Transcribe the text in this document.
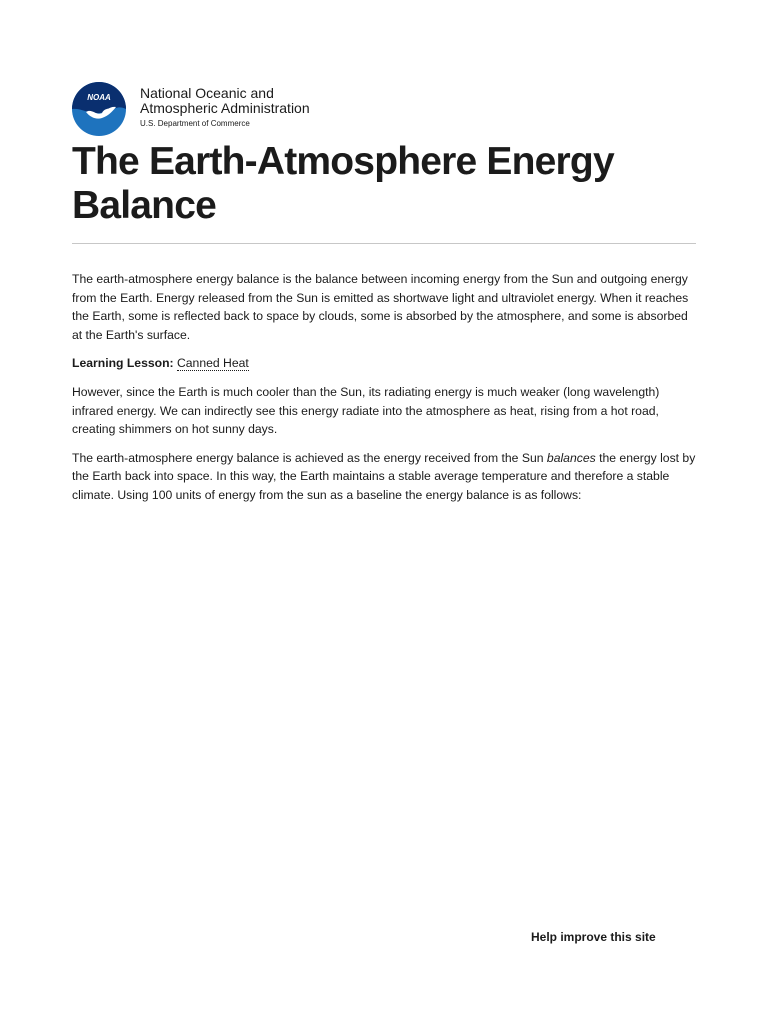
NOAA National Oceanic and
Atmospheric Administration
U.S. Department of Commerce
The Earth-Atmosphere Energy Balance

The earth-atmosphere energy balance is the balance between incoming energy from the Sun and outgoing energy from the Earth. Energy released from the Sun is emitted as shortwave light and ultraviolet energy. When it reaches the Earth, some is reflected back to space by clouds, some is absorbed by the atmosphere, and some is absorbed at the Earth's surface.

Learning Lesson: Canned Heat

However, since the Earth is much cooler than the Sun, its radiating energy is much weaker (long wavelength) infrared energy. We can indirectly see this energy radiate into the atmosphere as heat, rising from a hot road, creating shimmers on hot sunny days.

The earth-atmosphere energy balance is achieved as the energy received from the Sun balances the energy lost by the Earth back into space. In this way, the Earth maintains a stable average temperature and therefore a stable climate. Using 100 units of energy from the sun as a baseline the energy balance is as follows:

Help improve this site
